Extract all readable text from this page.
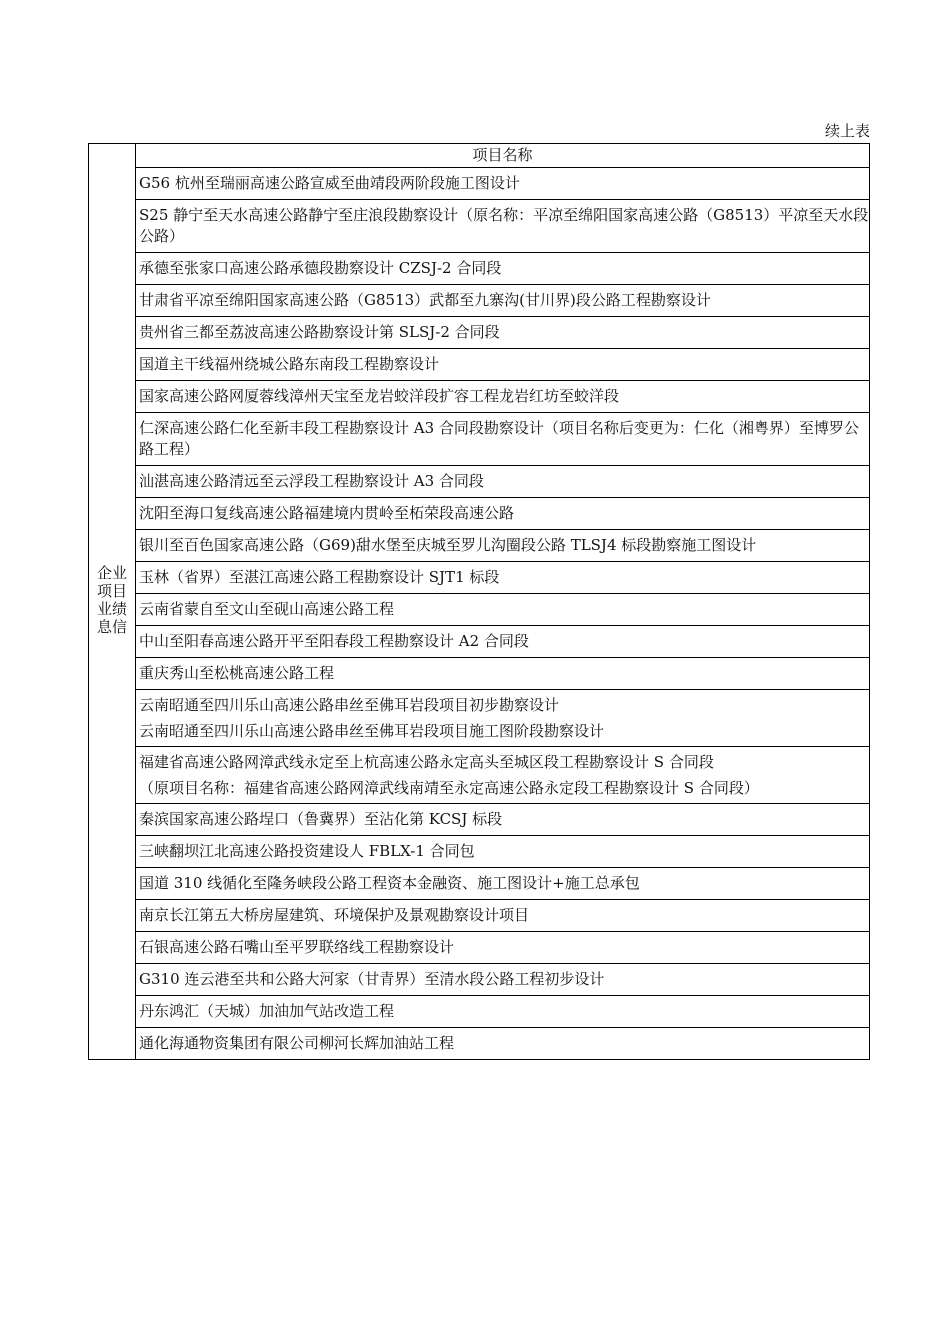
续上表
企业
项目
业绩
息信
项目名称
G56 杭州至瑞丽高速公路宣威至曲靖段两阶段施工图设计
S25 静宁至天水高速公路静宁至庄浪段勘察设计（原名称：平凉至绵阳国家高速公路（G8513）平凉至天水段公路）
承德至张家口高速公路承德段勘察设计 CZSJ-2 合同段
甘肃省平凉至绵阳国家高速公路（G8513）武都至九寨沟(甘川界)段公路工程勘察设计
贵州省三都至荔波高速公路勘察设计第 SLSJ-2 合同段
国道主干线福州绕城公路东南段工程勘察设计
国家高速公路网厦蓉线漳州天宝至龙岩蛟洋段扩容工程龙岩红坊至蛟洋段
仁深高速公路仁化至新丰段工程勘察设计 A3 合同段勘察设计（项目名称后变更为：仁化（湘粤界）至博罗公路工程）
汕湛高速公路清远至云浮段工程勘察设计 A3 合同段
沈阳至海口复线高速公路福建境内贯岭至柘荣段高速公路
银川至百色国家高速公路（G69)甜水堡至庆城至罗儿沟圈段公路 TLSJ4 标段勘察施工图设计
玉林（省界）至湛江高速公路工程勘察设计 SJT1 标段
云南省蒙自至文山至砚山高速公路工程
中山至阳春高速公路开平至阳春段工程勘察设计 A2 合同段
重庆秀山至松桃高速公路工程
云南昭通至四川乐山高速公路串丝至佛耳岩段项目初步勘察设计
云南昭通至四川乐山高速公路串丝至佛耳岩段项目施工图阶段勘察设计
福建省高速公路网漳武线永定至上杭高速公路永定高头至城区段工程勘察设计 S 合同段
（原项目名称：福建省高速公路网漳武线南靖至永定高速公路永定段工程勘察设计 S 合同段）
秦滨国家高速公路埕口（鲁冀界）至沾化第 KCSJ 标段
三峡翻坝江北高速公路投资建设人 FBLX-1 合同包
国道 310 线循化至隆务峡段公路工程资本金融资、施工图设计+施工总承包
南京长江第五大桥房屋建筑、环境保护及景观勘察设计项目
石银高速公路石嘴山至平罗联络线工程勘察设计
G310 连云港至共和公路大河家（甘青界）至清水段公路工程初步设计
丹东鸿汇（天城）加油加气站改造工程
通化海通物资集团有限公司柳河长辉加油站工程
